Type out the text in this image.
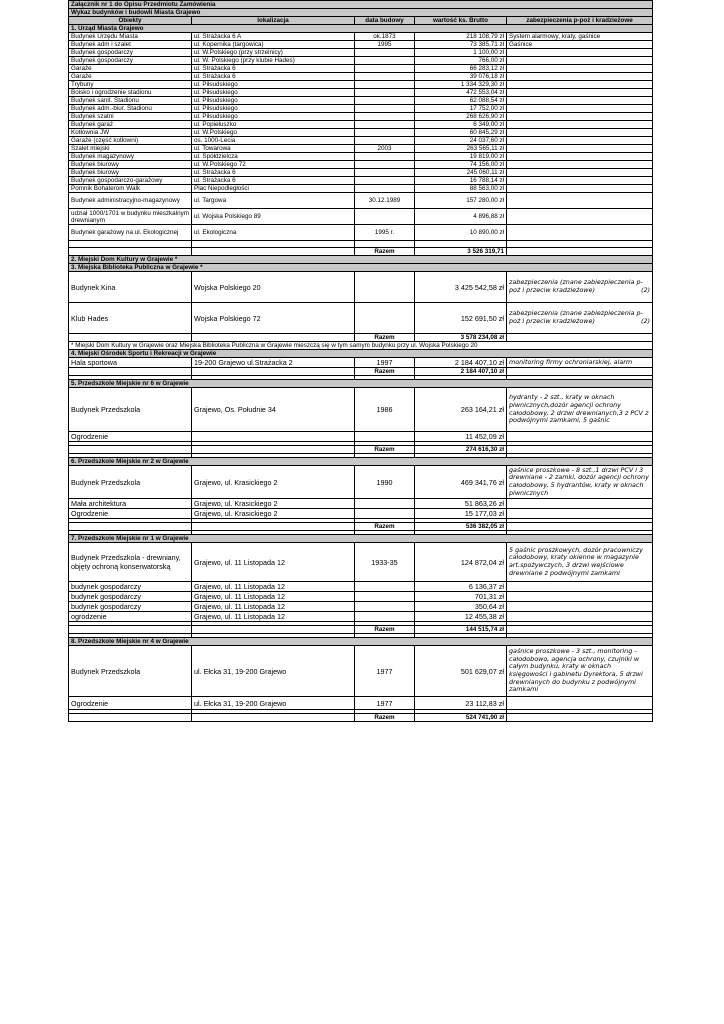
Załącznik nr 1 do Opisu Przedmiotu Zamówienia				
Wykaz budynków i budowli Miasta Grajewo				
Obiekty	lokalizacja	data budowy	wartość ks. Brutto	zabezpieczenia p-poż i kradzieżowe
1. Urząd Miasta Grajewo				
Budynek Urzędu Miasta	ul. Strażacka 6 A	ok.1873	218 108,79 zł	System alarmowy, kraty, gaśnice
Budynek adm i szalet	ul. Kopernika (targowica)	1995	73 385,71 zł	Gaśnice
Budynek gospodarczy	ul. W.Polskiego (przy strzelnicy)		1 100,00 zł	
Budynek gospodarczy	ul. W. Polskiego (przy klubie Hades)		766,00 zł	
Garaże	ul. Strażacka 6		66 283,12 zł	
Garaże	ul. Strażacka 6		39 076,18 zł	
Trybuny	ul. Piłsudskiego		1 334 329,30 zł	
Boisko i ogrodzenie stadionu	ul. Piłsudskiego		472 553,04 zł	
Budynek sanit. Stadionu	ul. Piłsudskiego		62 088,54 zł	
Budynek adm.-biur. Stadionu	ul. Piłsudskiego		17 752,00 zł	
Budynek szatni	ul. Piłsudskiego		268 626,90 zł	
Budynek garaż	ul. Popiełuszko		6 349,00 zł	
Kotłownia JW	ul. W.Polskiego		60 845,29 zł	
Garaże (część kotłowni)	os. 1000-Lecia		24 037,60 zł	
Szalet miejski	ul. Towarowa	2003	263 565,11 zł	
Budynek magazynowy	ul. Spółdzielcza		19 819,00 zł	
Budynek biurowy	ul. W.Polskiego 72		74 156,00 zł	
Budynek biurowy	ul. Strażacka 6		245 060,11 zł	
Budynek gospodarczo-garażowy	ul. Strażacka 6		16 788,14 zł	
Pomnik Bohaterom Walk	Plac Niepodległości		88 563,00 zł	
Budynek administracyjno-magazynowy	ul. Targowa	30.12.1989	157 280,00 zł	
udział 1000/1701 w budynku mieszkalnym drewnianym	ul. Wojska Polskiego 89		4 896,88 zł	
Budynek garażowy na ul. Ekologicznej	ul. Ekologiczna	1995 r.	10 890,00 zł	

		Razem	3 526 319,71	
2. Miejski Dom Kultury w Grajewie *				
3. Miejska Biblioteka Publiczna w Grajewie *				
Budynek Kina	Wojska Polskiego 20		3 425 542,58 zł	zabezpieczenia (znane zabiezpieczenia p-poż i przeciw kradzieżowe) (2)

Klub Hades	Wojska Polskiego 72		152 691,50 zł	zabezpieczenia (znane zabiezpieczenia p-poż i przeciw kradzieżowe) (2)

		Razem	3 578 234,08 zł	
* Miejski Dom Kultury w Grajewie oraz Miejska Biblioteka Publiczna w Grajewie mieszczą się w tym samym budynku przy ul. Wojska Polskiego 20				
4. Miejski Ośrodek Sportu i Rekreacji w Grajewie				
Hala sportowa	19-200 Grajewo ul.Strażacka 2	1997	2 184 407,10 zł	monitoring firmy ochroniarskiej, alarm
		Razem	2 184 407,10 zł	

5. Przedszkole Miejskie nr 6 w Grajewie				
Budynek Przedszkola	Grajewo, Os. Południe 34	1986	263 164,21 zł	hydranty - 2 szt., kraty w oknach piwnicznych,dozór agencji ochrony całodobowy, 2 drzwi drewnianych,3 z PCV z podwójnymi zamkami, 5 gaśnic
Ogrodzenie			11 452,09 zł	

		Razem	274 616,30 zł	

6. Przedszkole Miejskie nr 2 w Grajewie				
Budynek Przedszkola	Grajewo, ul. Krasickiego 2	1990	469 341,76 zł	gaśnice proszkowe - 8 szt.,1 drzwi PCV i 3 drewniane - 2 zamki, dozór agencji ochrony całodobowy, 5 hydrantów, kraty w oknach piwnicznych
Mała architektura	Grajewo, ul. Krasickiego 2		51 863,26 zł	
Ogrodzenie	Grajewo, ul. Krasickiego 2		15 177,03 zł	

		Razem	536 382,05 zł	

7. Przedszkole Miejskie nr 1 w Grajewie				
Budynek Przedszkola - drewniany, objęty ochroną konserwatorską	Grajewo, ul. 11 Listopada 12	1933-35	124 872,04 zł	5 gaśnic proszkowych, dozór pracowniczy całodobowy, kraty okienne w magazynie art.spożywczych, 3 drzwi wejściowe drewniane z podwójnymi zamkami
budynek gospodarczy	Grajewo, ul. 11 Listopada 12		6 136,37 zł	
budynek gospodarczy	Grajewo, ul. 11 Listopada 12		701,31 zł	
budynek gospodarczy	Grajewo, ul. 11 Listopada 12		350,64 zł	
ogrodzenie	Grajewo, ul. 11 Listopada 12		12 455,38 zł	

		Razem	144 515,74 zł	

8. Przedszkole Miejskie nr 4 w Grajewie				
Budynek Przedszkola	ul. Ełcka 31, 19-200 Grajewo	1977	501 629,07 zł	gaśnice proszkowe - 3 szt., monitoring - całodobowo, agencja ochrony, czujniki w całym budynku, kraty w oknach księgowości i gabinetu Dyrektora, 5 drzwi drewnianych do budynku z podwójnymi zamkami
Ogrodzenie	ul. Ełcka 31, 19-200 Grajewo	1977	23 112,83 zł	

		Razem	524 741,90 zł	
